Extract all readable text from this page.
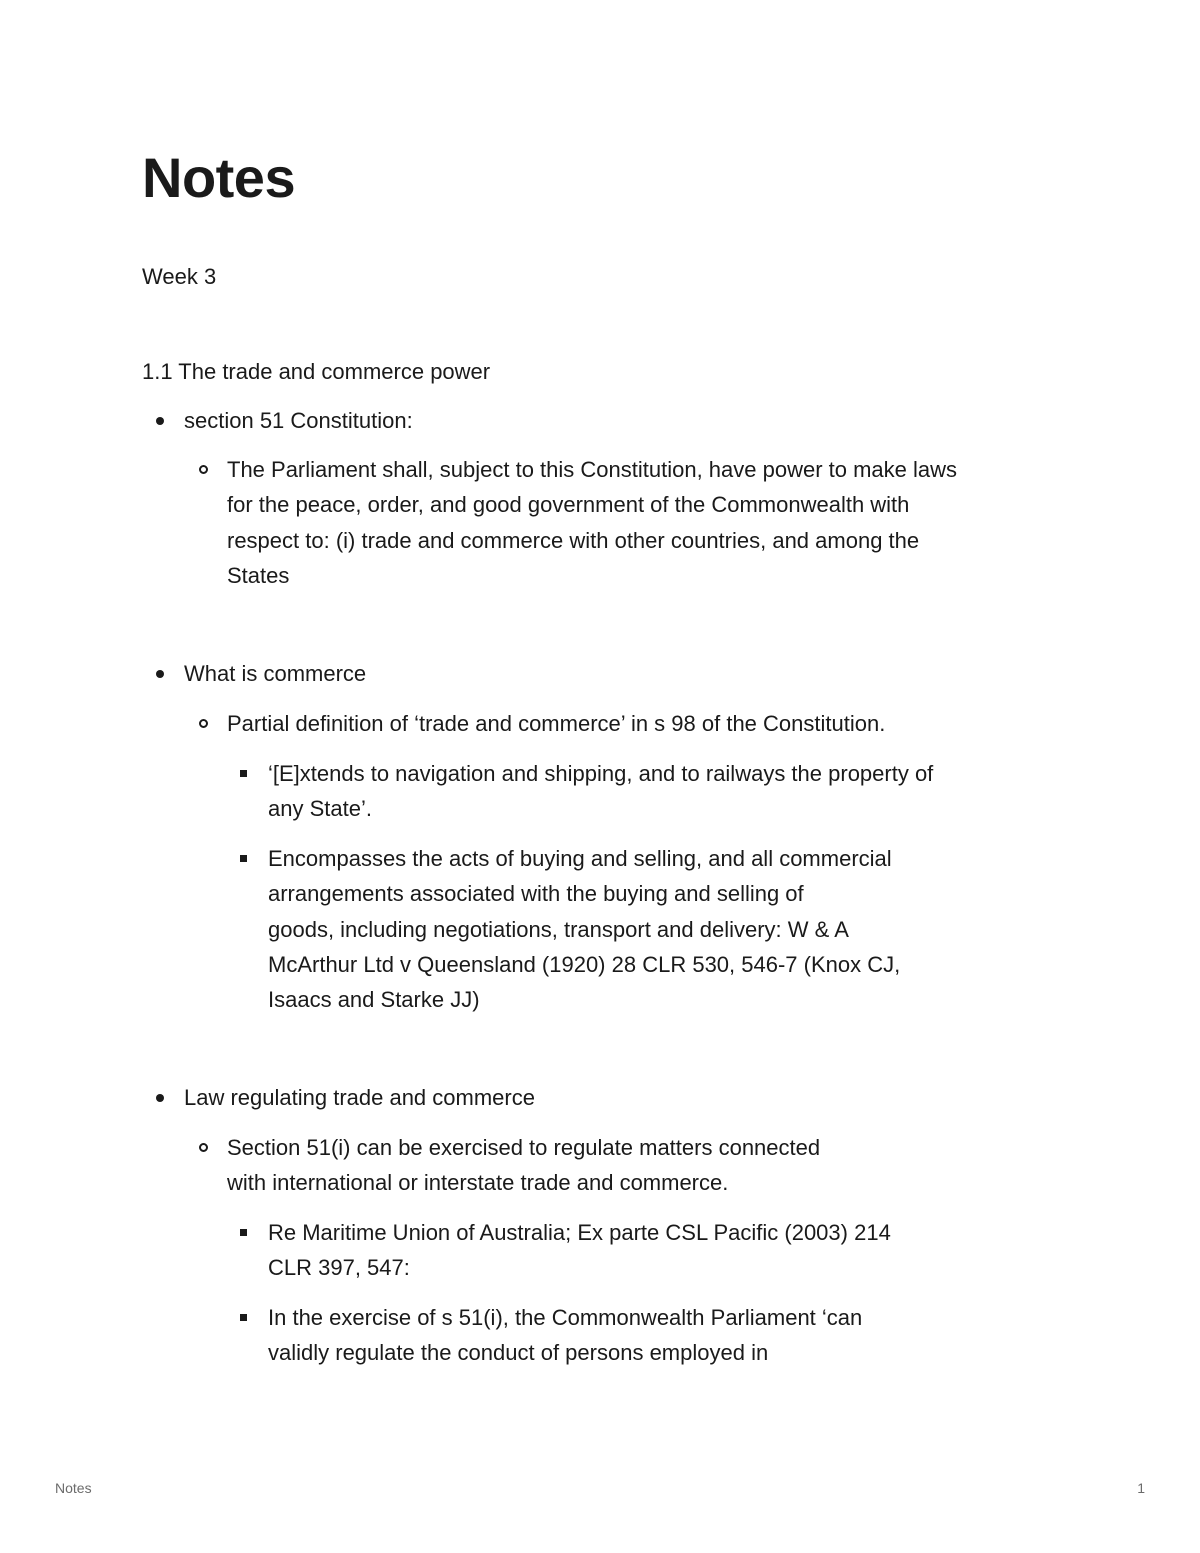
Notes

Week 3

1.1 The trade and commerce power

section 51 Constitution:
The Parliament shall, subject to this Constitution, have power to make laws
for the peace, order, and good government of the Commonwealth with
respect to: (i) trade and commerce with other countries, and among the
States
What is commerce
Partial definition of ‘trade and commerce’ in s 98 of the Constitution.
‘[E]xtends to navigation and shipping, and to railways the property of
any State’.
Encompasses the acts of buying and selling, and all commercial
arrangements associated with the buying and selling of
goods, including negotiations, transport and delivery: W & A
McArthur Ltd v Queensland (1920) 28 CLR 530, 546-7 (Knox CJ,
Isaacs and Starke JJ)
Law regulating trade and commerce
Section 51(i) can be exercised to regulate matters connected
with international or interstate trade and commerce.
Re Maritime Union of Australia; Ex parte CSL Pacific (2003) 214
CLR 397, 547:
In the exercise of s 51(i), the Commonwealth Parliament ‘can
validly regulate the conduct of persons employed in
Notes	1
